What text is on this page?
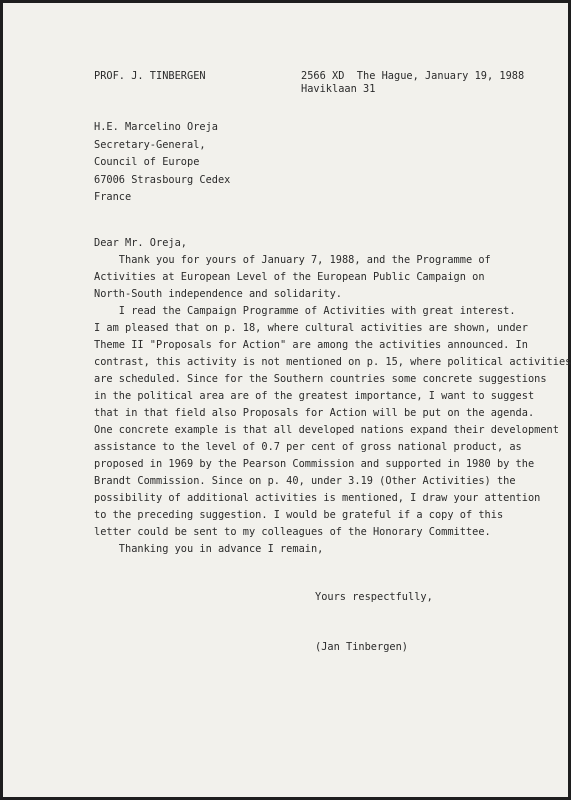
PROF. J. TINBERGEN	2566 XD  The Hague, January 19, 1988
Haviklaan 31
H.E. Marcelino Oreja
Secretary-General,
Council of Europe
67006 Strasbourg Cedex
France
Dear Mr. Oreja,
Thank you for yours of January 7, 1988, and the Programme of
Activities at European Level of the European Public Campaign on
North-South independence and solidarity.
I read the Campaign Programme of Activities with great interest.
I am pleased that on p. 18, where cultural activities are shown, under
Theme II "Proposals for Action" are among the activities announced. In
contrast, this activity is not mentioned on p. 15, where political activities
are scheduled. Since for the Southern countries some concrete suggestions
in the political area are of the greatest importance, I want to suggest
that in that field also Proposals for Action will be put on the agenda.
One concrete example is that all developed nations expand their development
assistance to the level of 0.7 per cent of gross national product, as
proposed in 1969 by the Pearson Commission and supported in 1980 by the
Brandt Commission. Since on p. 40, under 3.19 (Other Activities) the
possibility of additional activities is mentioned, I draw your attention
to the preceding suggestion. I would be grateful if a copy of this
letter could be sent to my colleagues of the Honorary Committee.
Thanking you in advance I remain,
Yours respectfully,
(Jan Tinbergen)
